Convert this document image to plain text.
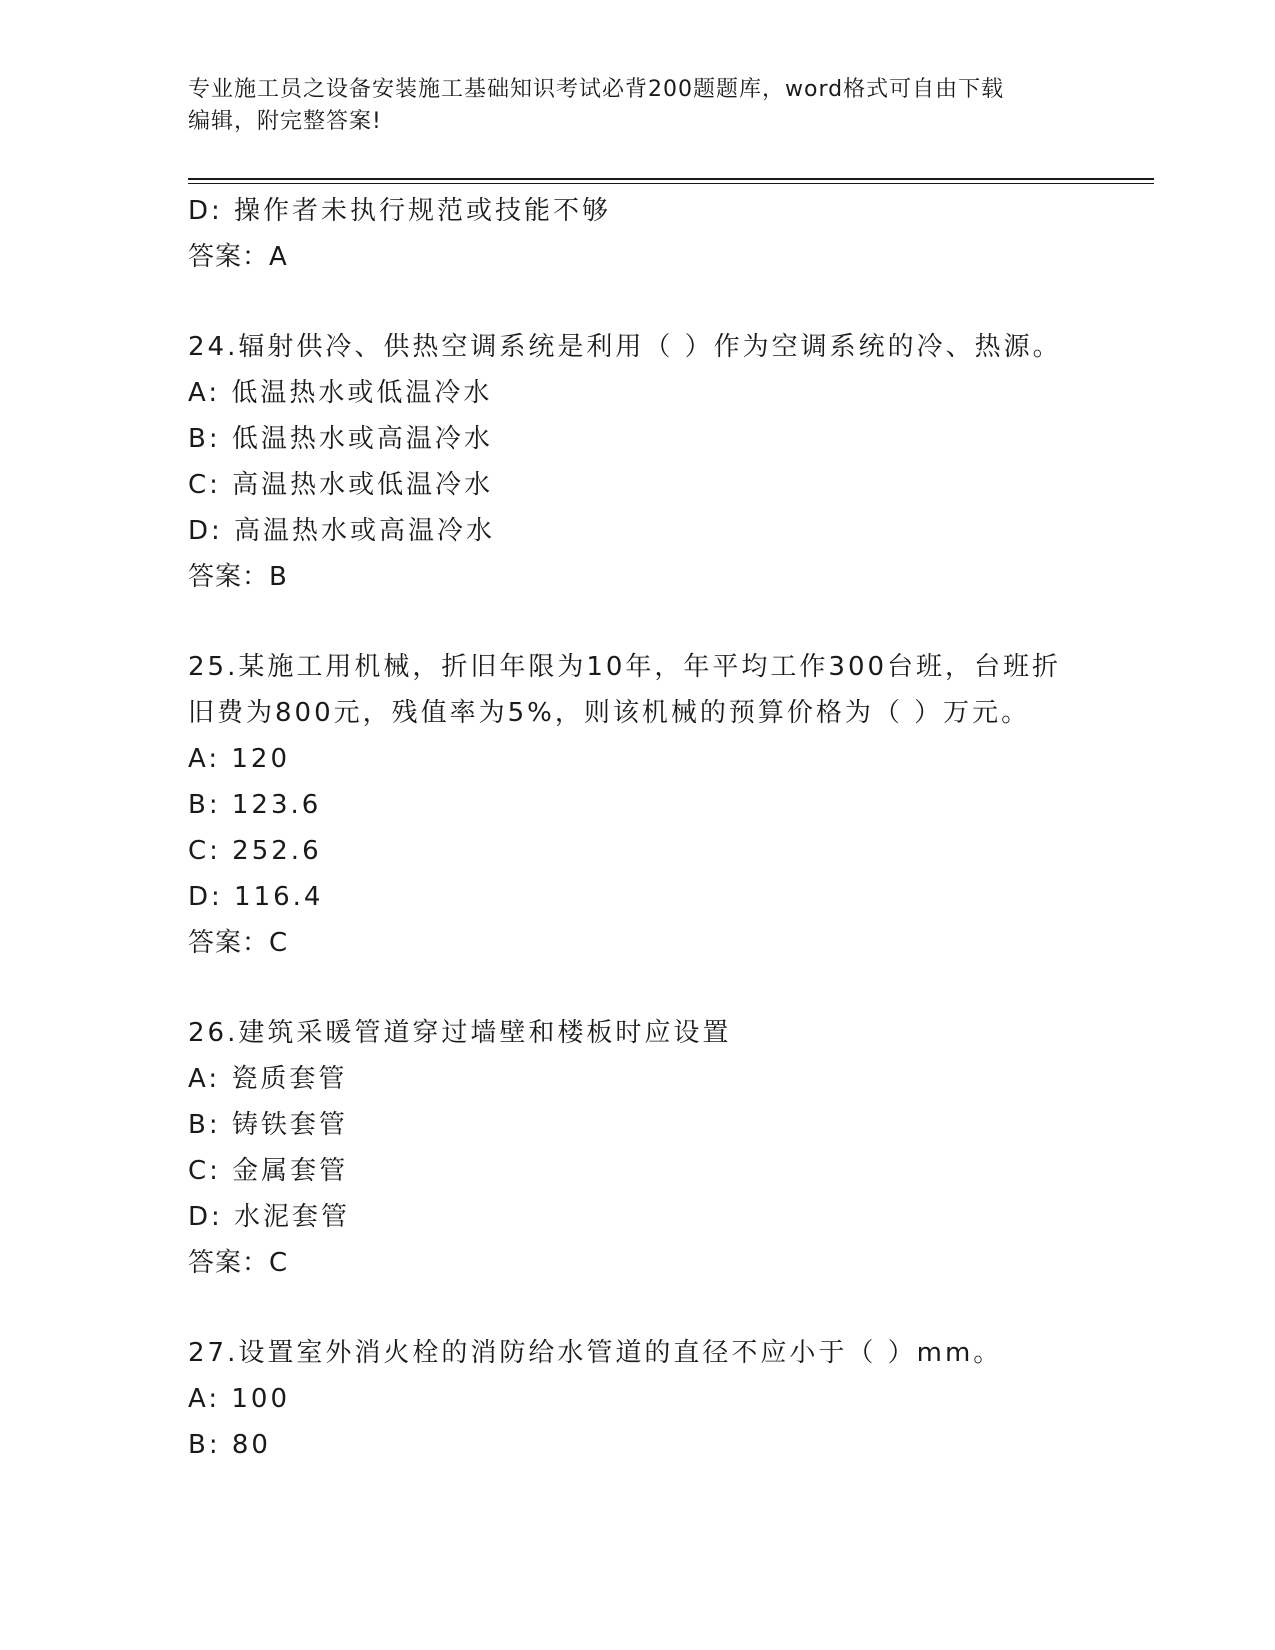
专业施工员之设备安装施工基础知识考试必背200题题库，word格式可自由下载
编辑，附完整答案!
D: 操作者未执行规范或技能不够
答案：A
24.辐射供冷、供热空调系统是利用（ ）作为空调系统的冷、热源。
A: 低温热水或低温冷水
B: 低温热水或高温冷水
C: 高温热水或低温冷水
D: 高温热水或高温冷水
答案：B
25.某施工用机械，折旧年限为10年，年平均工作300台班，台班折
旧费为800元，残值率为5%，则该机械的预算价格为（ ）万元。
A: 120
B: 123.6
C: 252.6
D: 116.4
答案：C
26.建筑采暖管道穿过墙壁和楼板时应设置
A: 瓷质套管
B: 铸铁套管
C: 金属套管
D: 水泥套管
答案：C
27.设置室外消火栓的消防给水管道的直径不应小于（ ）mm。
A: 100
B: 80
